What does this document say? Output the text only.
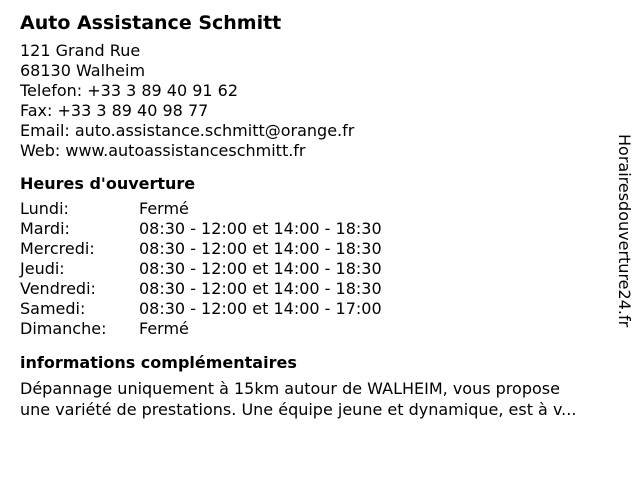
Auto Assistance Schmitt
121 Grand Rue
68130 Walheim
Telefon: +33 3 89 40 91 62
Fax: +33 3 89 40 98 77
Email: auto.assistance.schmitt@orange.fr
Web: www.autoassistanceschmitt.fr
Heures d'ouverture
Lundi:	Fermé
Mardi:	08:30 - 12:00 et 14:00 - 18:30
Mercredi:	08:30 - 12:00 et 14:00 - 18:30
Jeudi:	08:30 - 12:00 et 14:00 - 18:30
Vendredi:	08:30 - 12:00 et 14:00 - 18:30
Samedi:	08:30 - 12:00 et 14:00 - 17:00
Dimanche: Fermé
informations complémentaires
Dépannage uniquement à 15km autour de WALHEIM, vous propose
une variété de prestations. Une équipe jeune et dynamique, est à v...
Horairesdouverture24.fr
